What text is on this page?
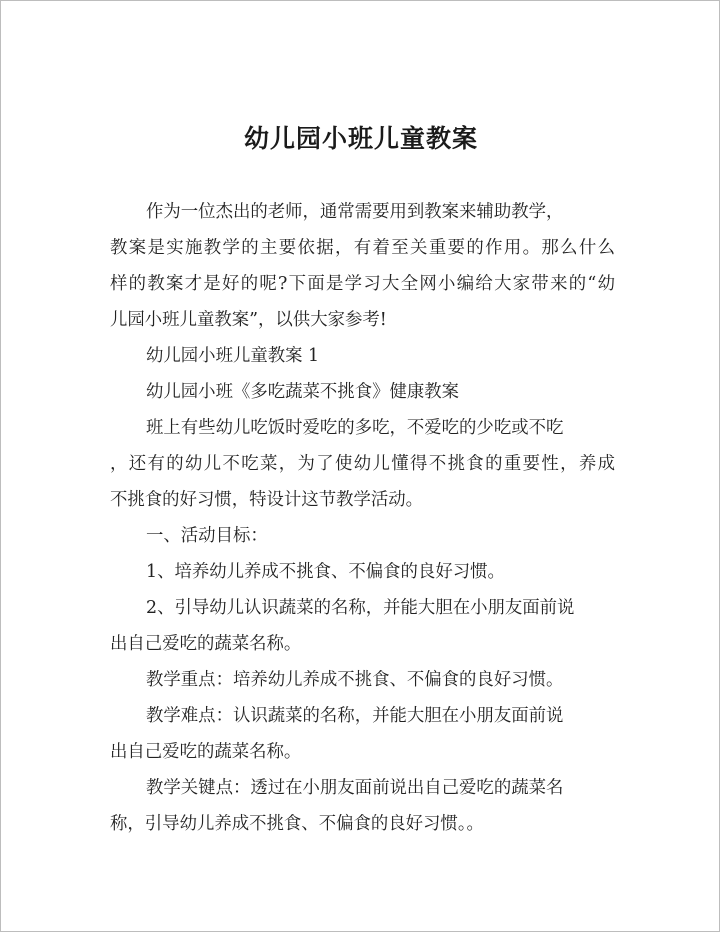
幼儿园小班儿童教案
作为一位杰出的老师，通常需要用到教案来辅助教学，
教案是实施教学的主要依据，有着至关重要的作用。那么什么
样的教案才是好的呢?下面是学习大全网小编给大家带来的“幼
儿园小班儿童教案”，以供大家参考!
幼儿园小班儿童教案 1
幼儿园小班《多吃蔬菜不挑食》健康教案
班上有些幼儿吃饭时爱吃的多吃，不爱吃的少吃或不吃
，还有的幼儿不吃菜，为了使幼儿懂得不挑食的重要性，养成
不挑食的好习惯，特设计这节教学活动。
一、活动目标：
1、培养幼儿养成不挑食、不偏食的良好习惯。
2、引导幼儿认识蔬菜的名称，并能大胆在小朋友面前说
出自己爱吃的蔬菜名称。
教学重点：培养幼儿养成不挑食、不偏食的良好习惯。
教学难点：认识蔬菜的名称，并能大胆在小朋友面前说
出自己爱吃的蔬菜名称。
教学关键点：透过在小朋友面前说出自己爱吃的蔬菜名
称，引导幼儿养成不挑食、不偏食的良好习惯。。
